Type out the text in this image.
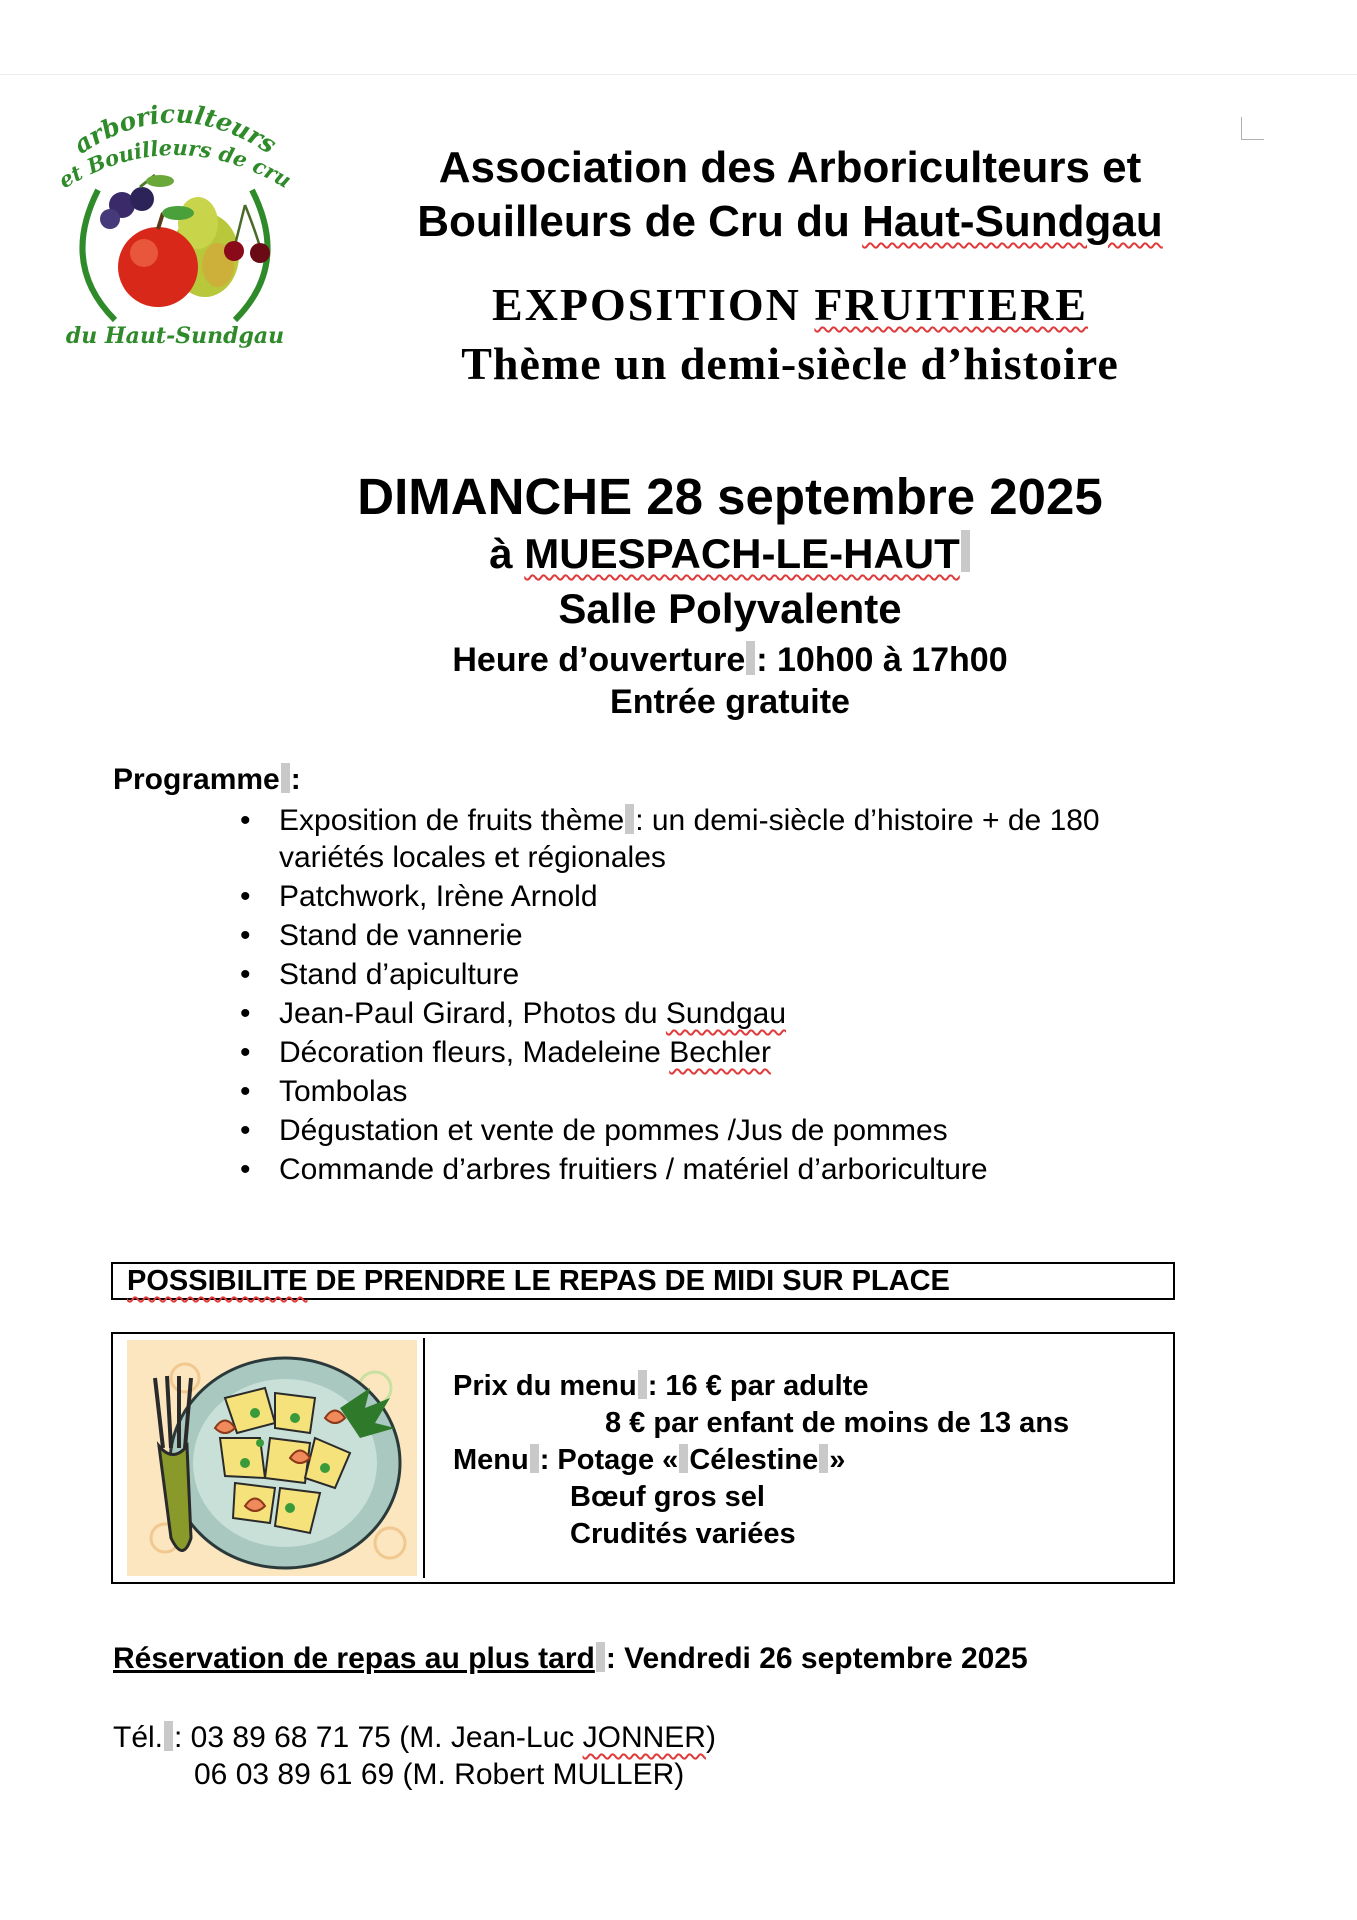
arboriculteurs
t Bouilleurs de cr
du Haut-Sundgau
Association des Arboriculteurs et
Bouilleurs de Cru du Haut-Sundgau
EXPOSITION FRUITIERE
Thème un demi-siècle d’histoire
DIMANCHE 28 septembre 2025
à MUESPACH-LE-HAUT
Salle Polyvalente
Heure d’ouverture : 10h00 à 17h00
Entrée gratuite
Programme :
• Exposition de fruits thème : un demi-siècle d’histoire + de 180
variétés locales et régionales
• Patchwork, Irène Arnold
• Stand de vannerie
• Stand d’apiculture
• Jean-Paul Girard, Photos du Sundgau
• Décoration fleurs, Madeleine Bechler
• Tombolas
• Dégustation et vente de pommes /Jus de pommes
• Commande d’arbres fruitiers / matériel d’arboriculture
POSSIBILITE DE PRENDRE LE REPAS DE MIDI SUR PLACE
Prix du menu : 16 € par adulte
8 € par enfant de moins de 13 ans
Menu : Potage « Célestine »
Bœuf gros sel
Crudités variées
Réservation de repas au plus tard : Vendredi 26 septembre 2025
Tél. : 03 89 68 71 75 (M. Jean-Luc JONNER)
06 03 89 61 69 (M. Robert MULLER)
